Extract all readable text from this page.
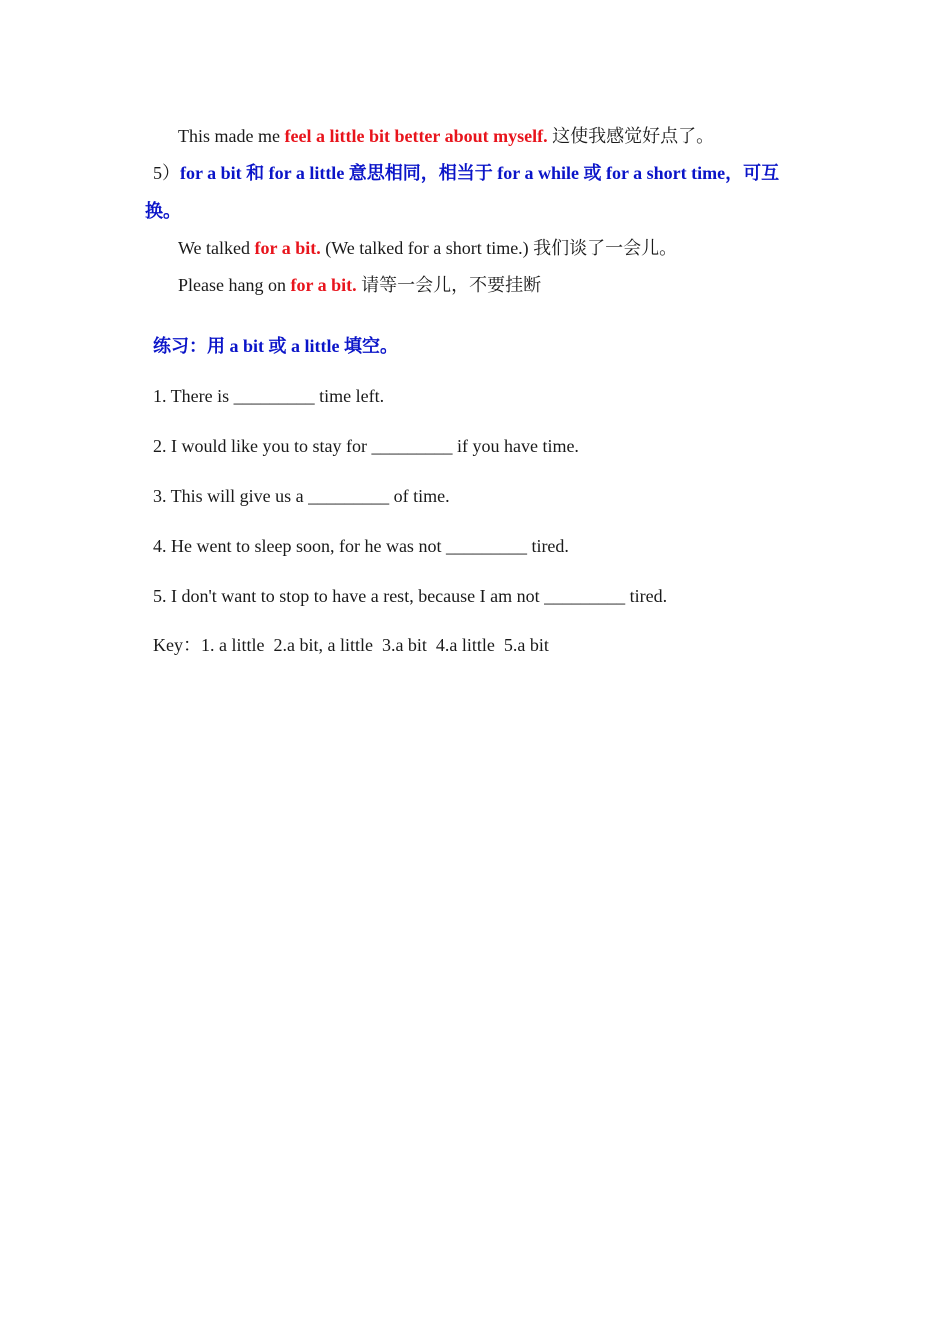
This made me feel a little bit better about myself. 这使我感觉好点了。
5）for a bit 和 for a little 意思相同，相当于 for a while 或 for a short time，可互
换。
We talked for a bit. (We talked for a short time.) 我们谈了一会儿。
Please hang on for a bit. 请等一会儿，不要挂断
练习：用 a bit 或 a little 填空。
1. There is _________ time left.
2. I would like you to stay for _________ if you have time.
3. This will give us a _________ of time.
4. He went to sleep soon, for he was not _________ tired.
5. I don't want to stop to have a rest, because I am not _________ tired.
Key：1. a little  2.a bit, a little  3.a bit  4.a little  5.a bit
